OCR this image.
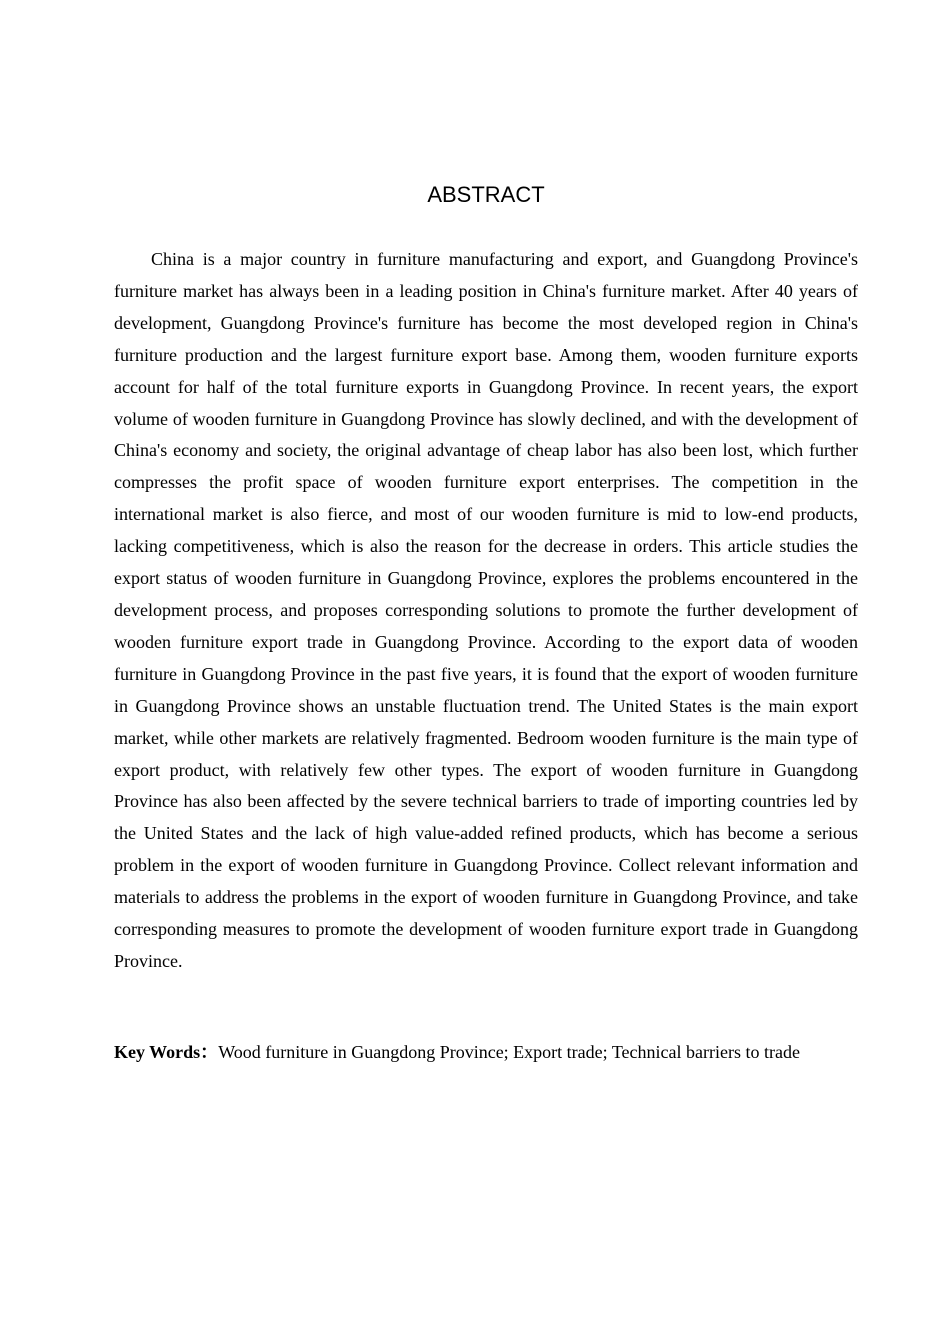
ABSTRACT

China is a major country in furniture manufacturing and export, and Guangdong Province's furniture market has always been in a leading position in China's furniture market. After 40 years of development, Guangdong Province's furniture has become the most developed region in China's furniture production and the largest furniture export base. Among them, wooden furniture exports account for half of the total furniture exports in Guangdong Province. In recent years, the export volume of wooden furniture in Guangdong Province has slowly declined, and with the development of China's economy and society, the original advantage of cheap labor has also been lost, which further compresses the profit space of wooden furniture export enterprises. The competition in the international market is also fierce, and most of our wooden furniture is mid to low-end products, lacking competitiveness, which is also the reason for the decrease in orders. This article studies the export status of wooden furniture in Guangdong Province, explores the problems encountered in the development process, and proposes corresponding solutions to promote the further development of wooden furniture export trade in Guangdong Province. According to the export data of wooden furniture in Guangdong Province in the past five years, it is found that the export of wooden furniture in Guangdong Province shows an unstable fluctuation trend. The United States is the main export market, while other markets are relatively fragmented. Bedroom wooden furniture is the main type of export product, with relatively few other types. The export of wooden furniture in Guangdong Province has also been affected by the severe technical barriers to trade of importing countries led by the United States and the lack of high value-added refined products, which has become a serious problem in the export of wooden furniture in Guangdong Province. Collect relevant information and materials to address the problems in the export of wooden furniture in Guangdong Province, and take corresponding measures to promote the development of wooden furniture export trade in Guangdong Province.

Key Words：Wood furniture in Guangdong Province; Export trade; Technical barriers to trade
